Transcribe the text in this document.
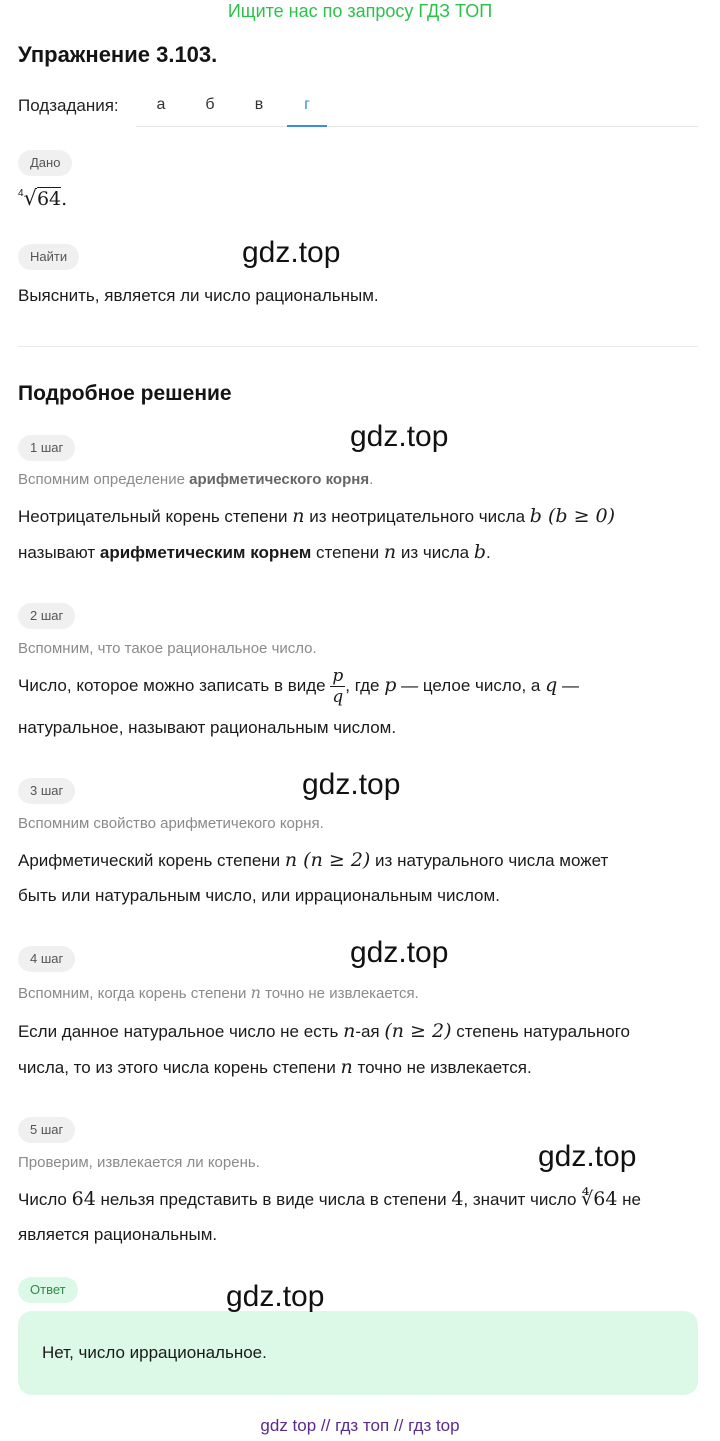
Ищите нас по запросу ГДЗ ТОП
Упражнение 3.103.
Подзадания:	а	б	в	г
Дано
$^4$√64.
Найти	gdz.top
Выяснить, является ли число рациональным.
Подробное решение
1 шаг	gdz.top
Вспомним определение арифметического корня.
Неотрицательный корень степени n из неотрицательного числа b (b ≥ 0)
называют арифметическим корнем степени n из числа b.
2 шаг
Вспомним, что такое рациональное число.
Число, которое можно записать в виде $\frac{p}{q}$ , где p — целое число, а q —
натуральное, называют рациональным числом.
3 шаг	gdz.top
Вспомним свойство арифметичекого корня.
Арифметический корень степени n (n ≥ 2) из натурального числа может
быть или натуральным число, или иррациональным числом.
4 шаг	gdz.top
Вспомним, когда корень степени n точно не извлекается.
Если данное натуральное число не есть n-ая (n ≥ 2) степень натурального
числа, то из этого числа корень степени n точно не извлекается.
5 шаг
gdz.top
Проверим, извлекается ли корень.
Число 64 нельзя представить в виде числа в степени 4, значит число ∜64 не
является рациональным.
Ответ
Нет, число иррациональное.
gdz.top
gdz top // гдз топ // гдз top
